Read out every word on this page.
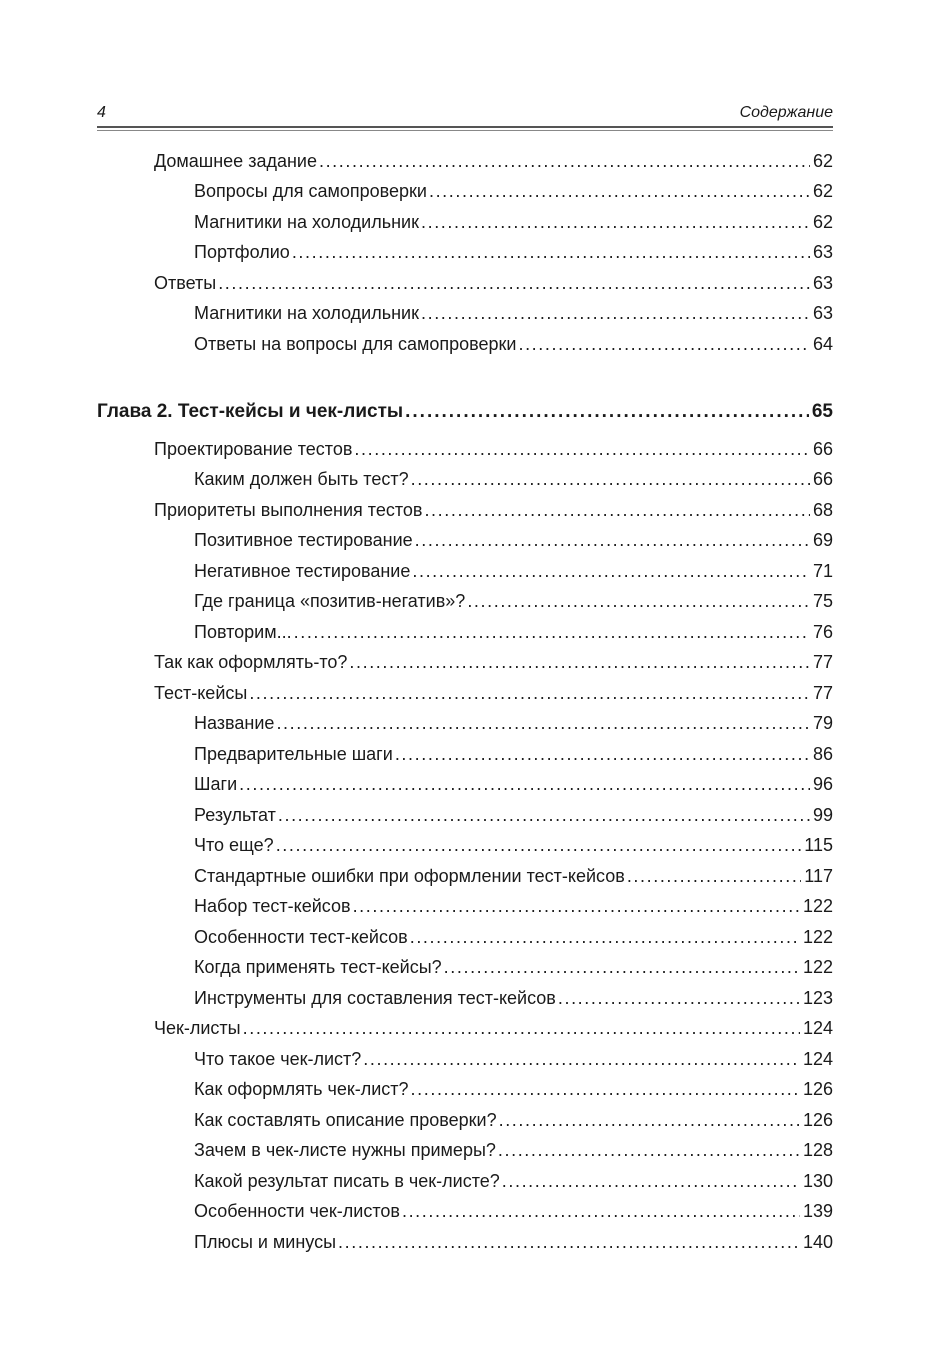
4	Содержание
Домашнее задание .....	62
Вопросы для самопроверки .....	62
Магнитики на холодильник .....	62
Портфолио .....	63
Ответы .....	63
Магнитики на холодильник .....	63
Ответы на вопросы для самопроверки .....	64
Глава 2. Тест-кейсы и чек-листы .....	65
Проектирование тестов .....	66
Каким должен быть тест? .....	66
Приоритеты выполнения тестов .....	68
Позитивное тестирование .....	69
Негативное тестирование .....	71
Где граница «позитив-негатив»? .....	75
Повторим... .....	76
Так как оформлять-то? .....	77
Тест-кейсы .....	77
Название .....	79
Предварительные шаги .....	86
Шаги .....	96
Результат .....	99
Что еще? .....	115
Стандартные ошибки при оформлении тест-кейсов .....	117
Набор тест-кейсов .....	122
Особенности тест-кейсов .....	122
Когда применять тест-кейсы? .....	122
Инструменты для составления тест-кейсов .....	123
Чек-листы .....	124
Что такое чек-лист? .....	124
Как оформлять чек-лист? .....	126
Как составлять описание проверки? .....	126
Зачем в чек-листе нужны примеры? .....	128
Какой результат писать в чек-листе? .....	130
Особенности чек-листов .....	139
Плюсы и минусы .....	140
